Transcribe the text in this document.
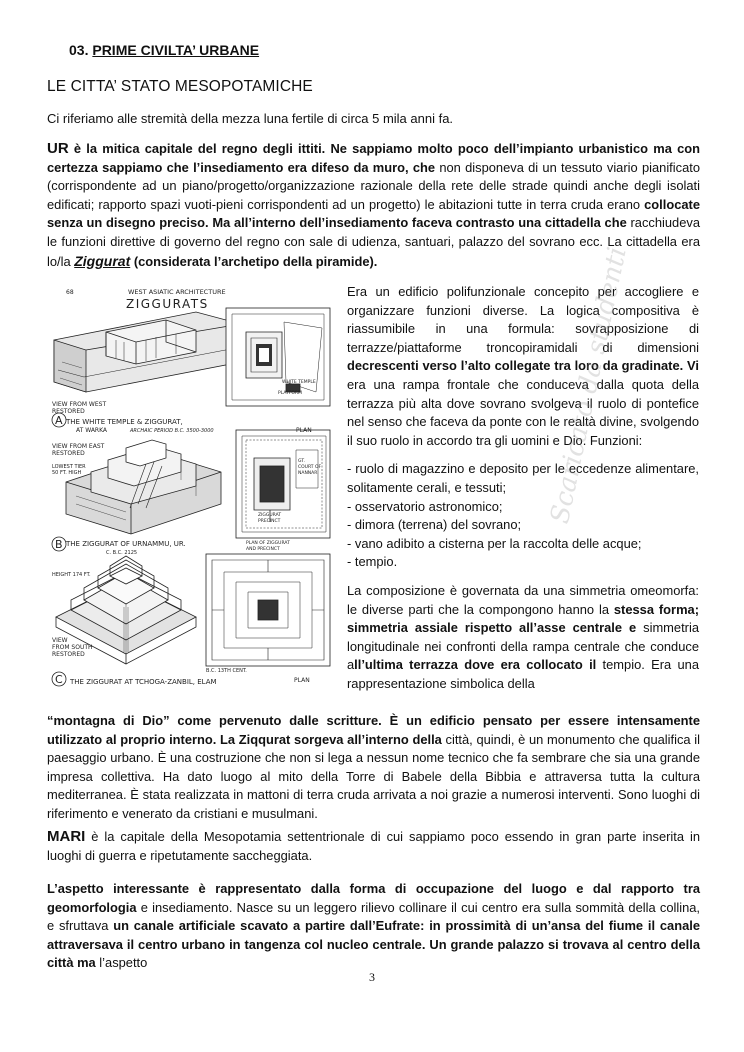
03. PRIME CIVILTA’ URBANE
LE CITTA’ STATO MESOPOTAMICHE
Ci riferiamo alle stremità della mezza luna fertile di circa 5 mila anni fa.
UR è la mitica capitale del regno degli ittiti. Ne sappiamo molto poco dell’impianto urbanistico ma con certezza sappiamo che l’insediamento era difeso da muro, che non disponeva di un tessuto viario pianificato (corrispondente ad un piano/progetto/organizzazione razionale della rete delle strade quindi anche degli isolati edificati; rapporto spazi vuoti-pieni corrispondenti ad un progetto) le abitazioni tutte in terra cruda erano collocate senza un disegno preciso. Ma all’interno dell’insediamento faceva contrasto una cittadella che racchiudeva le funzioni direttive di governo del regno con sale di udienza, santuari, palazzo del sovrano ecc. La cittadella era lo/la Ziggurat (considerata l’archetipo della piramide).
68	WEST ASIATIC ARCHITECTURE
ZIGGURATS
VIEW FROM WEST
RESTORED
WHITE TEMPLE
PLATFORM
THE WHITE TEMPLE & ZIGGURAT,
AT WARKA	ARCHAIC PERIOD B.C. 3500-3000	PLAN
VIEW FROM EAST
RESTORED
LOWEST TIER
50 FT. HIGH
GT.
COURT OF
NANNAR
ZIGGURAT
PRECINCT
THE ZIGGURAT OF URNAMMU, UR.
C. B.C. 2125
PLAN OF ZIGGURAT
AND PRECINCT
HEIGHT 174 FT.
VIEW
FROM SOUTH
RESTORED
B.C. 13TH CENT.
THE ZIGGURAT AT TCHOGA-ZANBIL, ELAM	PLAN
A
B
C

Era un edificio polifunzionale concepito per accogliere e organizzare funzioni diverse. La logica compositiva è riassumibile in una formula: sovrapposizione di terrazze/piattaforme troncopiramidali di dimensioni decrescenti verso l’alto collegate tra loro da gradinate. Vi era una rampa frontale che conduceva dalla quota della terrazza più alta dove sovrano svolgeva il ruolo di pontefice nel senso che faceva da ponte con le realtà divine, svolgendo il suo ruolo in accordo tra gli uomini e Dio. Funzioni:

- ruolo di magazzino e deposito per le eccedenze alimentare, solitamente cerali, e tessuti;
- osservatorio astronomico;
- dimora (terrena) del sovrano;
- vano adibito a cisterna per la raccolta delle acque;
- tempio.

La composizione è governata da una simmetria omeomorfa: le diverse parti che la compongono hanno la stessa forma; simmetria assiale rispetto all’asse centrale e simmetria longitudinale nei confronti della rampa centrale che conduce all’ultima terrazza dove era collocato il tempio. Era una rappresentazione simbolica della

“montagna di Dio” come pervenuto dalle scritture. È un edificio pensato per essere intensamente utilizzato al proprio interno. La Ziqqurat sorgeva all’interno della città, quindi, è un monumento che qualifica il paesaggio urbano. È una costruzione che non si lega a nessun nome tecnico che fa sembrare che sia una grande impresa collettiva. Ha dato luogo al mito della Torre di Babele della Bibbia e attraversa tutta la cultura mediterranea. È stata realizzata in mattoni di terra cruda arrivata a noi grazie a numerosi interventi. Sono luoghi di riferimento e venerato da cristiani e musulmani.
MARI è la capitale della Mesopotamia settentrionale di cui sappiamo poco essendo in gran parte inserita in luoghi di guerra e ripetutamente saccheggiata.
L’aspetto interessante è rappresentato dalla forma di occupazione del luogo e dal rapporto tra geomorfologia e insediamento. Nasce su un leggero rilievo collinare il cui centro era sulla sommità della collina, e sfruttava un canale artificiale scavato a partire dall’Eufrate: in prossimità di un’ansa del fiume il canale attraversava il centro urbano in tangenza col nucleo centrale. Un grande palazzo si trovava al centro della città ma l’aspetto
Scaricato da studenti
3
